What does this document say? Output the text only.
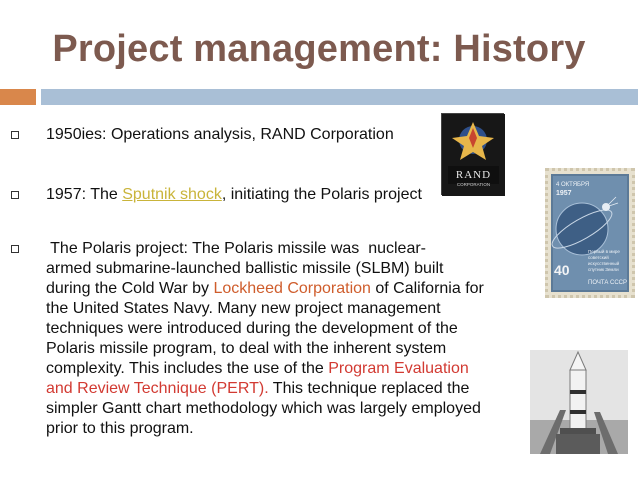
Project management: History
1950ies: Operations analysis, RAND Corporation
1957: The Sputnik shock, initiating the Polaris project
The Polaris project: The Polaris missile was  nuclear-
armed submarine-launched ballistic missile (SLBM) built
during the Cold War by Lockheed Corporation of California for
the United States Navy. Many new project management
techniques were introduced during the development of the
Polaris missile program, to deal with the inherent system
complexity. This includes the use of the Program Evaluation
and Review Technique (PERT). This technique replaced the
simpler Gantt chart methodology which was largely employed
prior to this program.
RAND
CORPORATION	4 ОКТЯБРЯ
1957
40
Первый в мире
советский
искусственный
спутник Земли
ПОЧТА СССР
